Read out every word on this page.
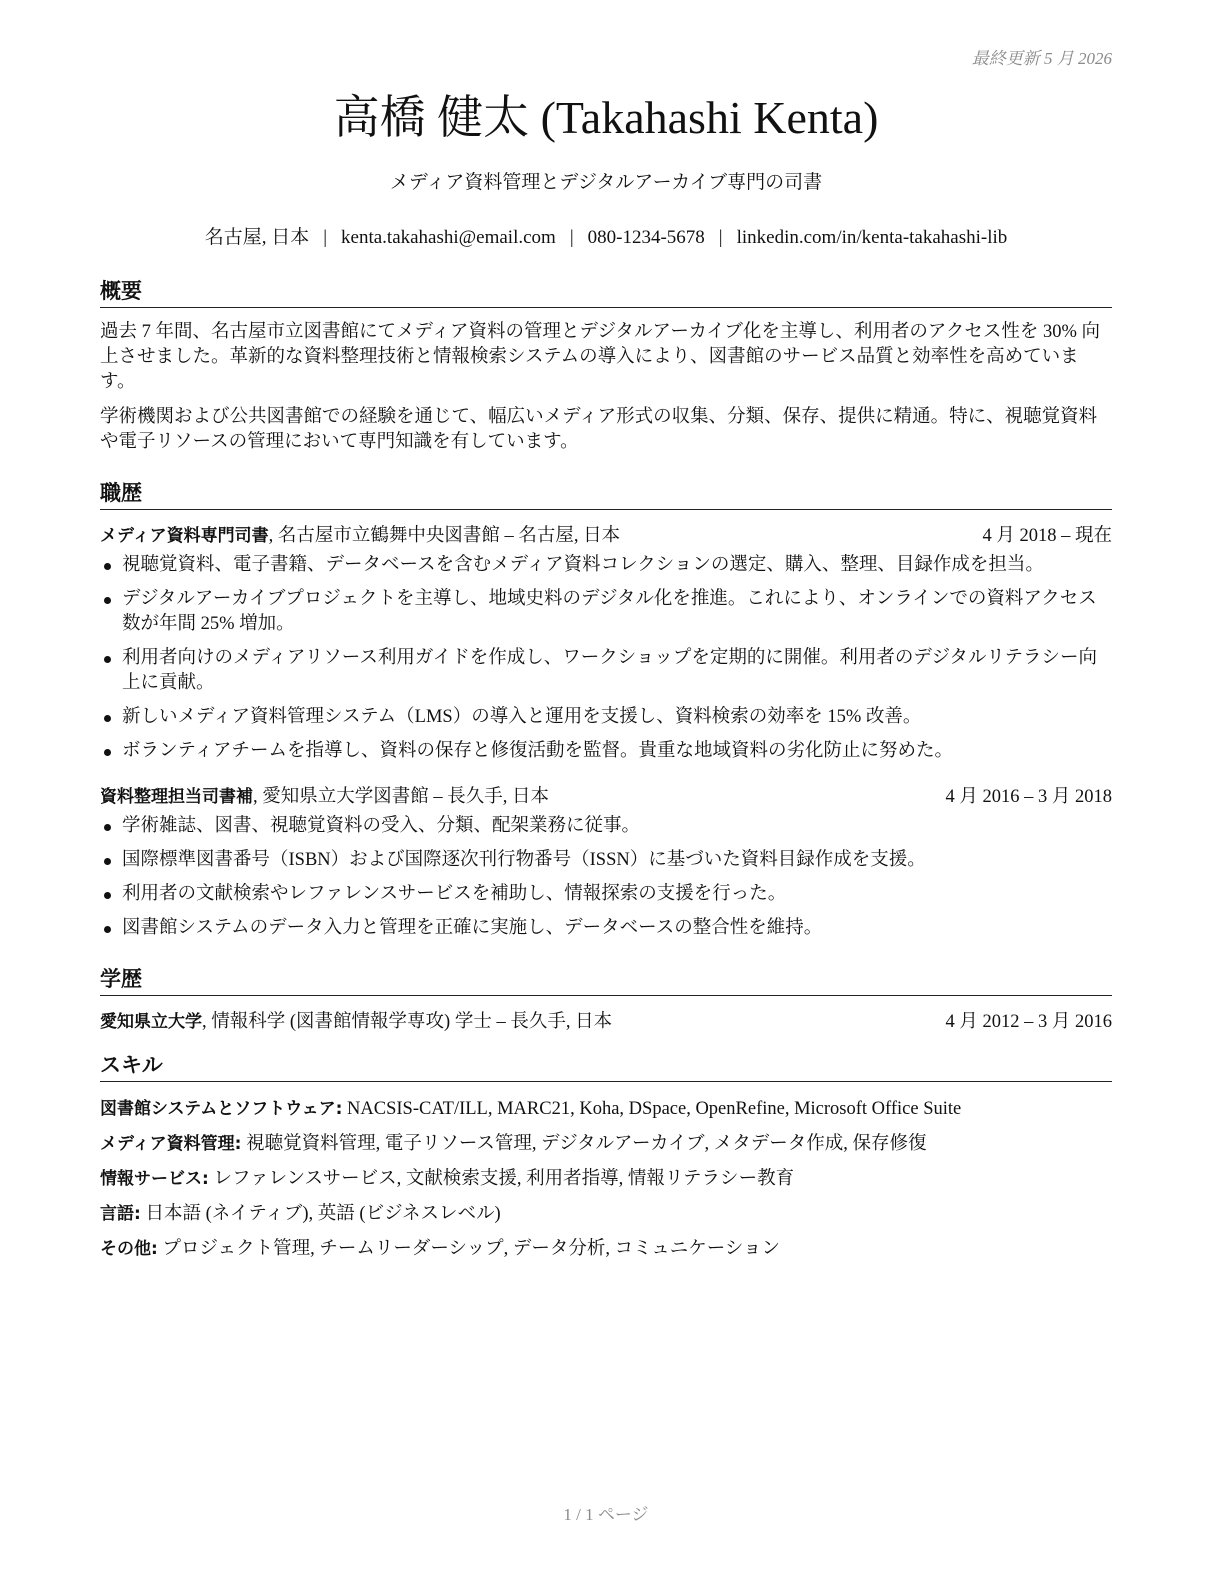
最終更新 5 月 2026
高橋 健太 (Takahashi Kenta)
メディア資料管理とデジタルアーカイブ専門の司書
名古屋, 日本 | kenta.takahashi@email.com | 080-1234-5678 | linkedin.com/in/kenta-takahashi-lib
概要

過去 7 年間、名古屋市立図書館にてメディア資料の管理とデジタルアーカイブ化を主導し、利用者のアクセス性を 30% 向上させました。革新的な資料整理技術と情報検索システムの導入により、図書館のサービス品質と効率性を高めています。

学術機関および公共図書館での経験を通じて、幅広いメディア形式の収集、分類、保存、提供に精通。特に、視聴覚資料や電子リソースの管理において専門知識を有しています。

職歴
メディア資料専門司書, 名古屋市立鶴舞中央図書館 – 名古屋, 日本	4 月 2018 – 現在
視聴覚資料、電子書籍、データベースを含むメディア資料コレクションの選定、購入、整理、目録作成を担当。
デジタルアーカイブプロジェクトを主導し、地域史料のデジタル化を推進。これにより、オンラインでの資料アクセス数が年間 25% 増加。
利用者向けのメディアリソース利用ガイドを作成し、ワークショップを定期的に開催。利用者のデジタルリテラシー向上に貢献。
新しいメディア資料管理システム（LMS）の導入と運用を支援し、資料検索の効率を 15% 改善。
ボランティアチームを指導し、資料の保存と修復活動を監督。貴重な地域資料の劣化防止に努めた。
資料整理担当司書補, 愛知県立大学図書館 – 長久手, 日本	4 月 2016 – 3 月 2018
学術雑誌、図書、視聴覚資料の受入、分類、配架業務に従事。
国際標準図書番号（ISBN）および国際逐次刊行物番号（ISSN）に基づいた資料目録作成を支援。
利用者の文献検索やレファレンスサービスを補助し、情報探索の支援を行った。
図書館システムのデータ入力と管理を正確に実施し、データベースの整合性を維持。
学歴
愛知県立大学, 情報科学 (図書館情報学専攻) 学士 – 長久手, 日本	4 月 2012 – 3 月 2016
スキル
図書館システムとソフトウェア: NACSIS-CAT/ILL, MARC21, Koha, DSpace, OpenRefine, Microsoft Office Suite
メディア資料管理: 視聴覚資料管理, 電子リソース管理, デジタルアーカイブ, メタデータ作成, 保存修復
情報サービス: レファレンスサービス, 文献検索支援, 利用者指導, 情報リテラシー教育
言語: 日本語 (ネイティブ), 英語 (ビジネスレベル)
その他: プロジェクト管理, チームリーダーシップ, データ分析, コミュニケーション
1 / 1 ページ
